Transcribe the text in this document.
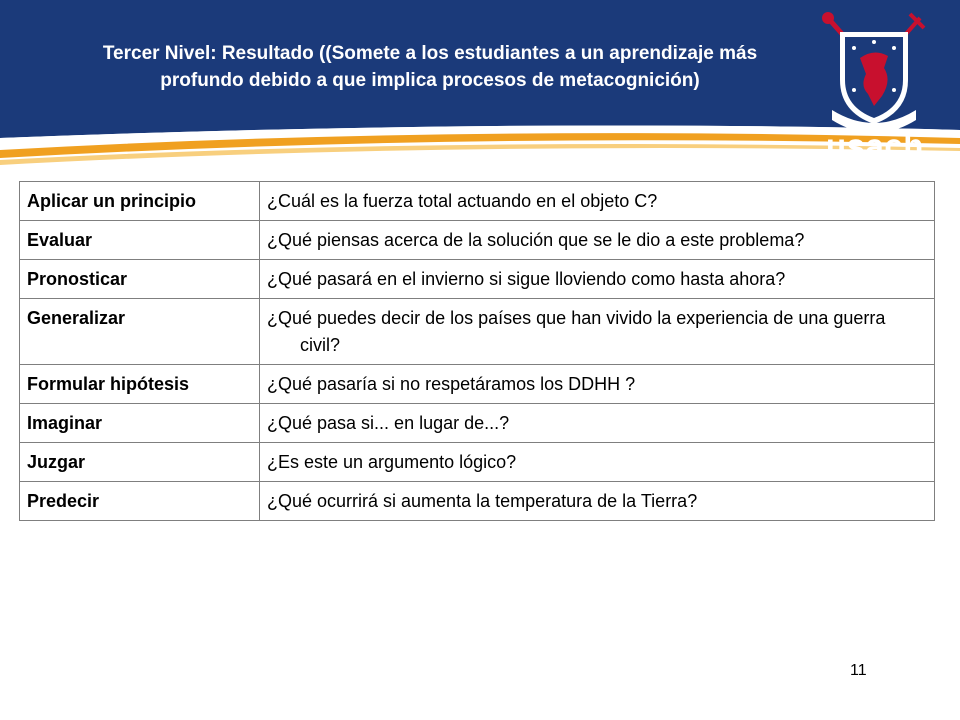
Tercer Nivel: Resultado ((Somete a los estudiantes a un aprendizaje más
profundo debido a que implica procesos de metacognición)
usach
Aplicar un principio	¿Cuál es la fuerza total actuando en el objeto C?

Evaluar	¿Qué piensas acerca de la solución que se le dio a este problema?

Pronosticar	¿Qué pasará en el invierno si sigue lloviendo como hasta ahora?

Generalizar	¿Qué puedes decir de los países que han vivido la experiencia de una guerra civil?

Formular hipótesis	¿Qué pasaría si no respetáramos los DDHH ?

Imaginar	¿Qué pasa si... en lugar de...?

Juzgar	¿Es este un argumento lógico?

Predecir	¿Qué ocurrirá si aumenta la temperatura de la Tierra?
11
